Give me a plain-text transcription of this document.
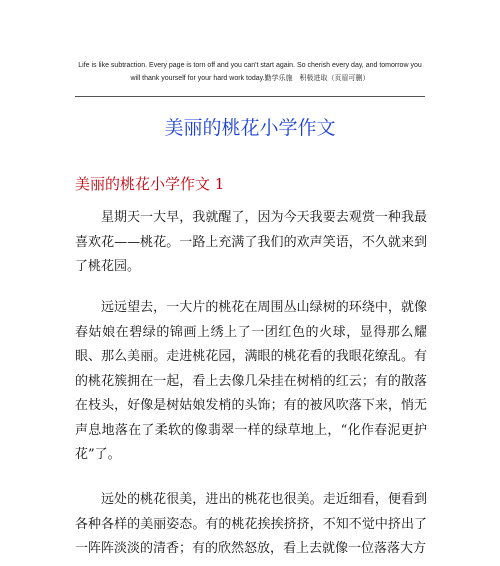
Life is like subtraction. Every page is torn off and you can't start again. So cherish every day, and tomorrow you
will thank yourself for your hard work today.勤学乐施　积极进取（页眉可删）
美丽的桃花小学作文
美丽的桃花小学作文 1

星期天一大早，我就醒了，因为今天我要去观赏一种我最喜欢花——桃花。一路上充满了我们的欢声笑语，不久就来到了桃花园。

远远望去，一大片的桃花在周围丛山绿树的环绕中，就像春姑娘在碧绿的锦画上绣上了一团红色的火球，显得那么耀眼、那么美丽。走进桃花园，满眼的桃花看的我眼花缭乱。有的桃花簇拥在一起，看上去像几朵挂在树梢的红云；有的散落在枝头，好像是树姑娘发梢的头饰；有的被风吹落下来，悄无声息地落在了柔软的像翡翠一样的绿草地上，“化作春泥更护花”了。

远处的桃花很美，进出的桃花也很美。走近细看，便看到各种各样的美丽姿态。有的桃花挨挨挤挤，不知不觉中挤出了一阵阵淡淡的清香；有的欣然怒放，看上去就像一位落落大方
